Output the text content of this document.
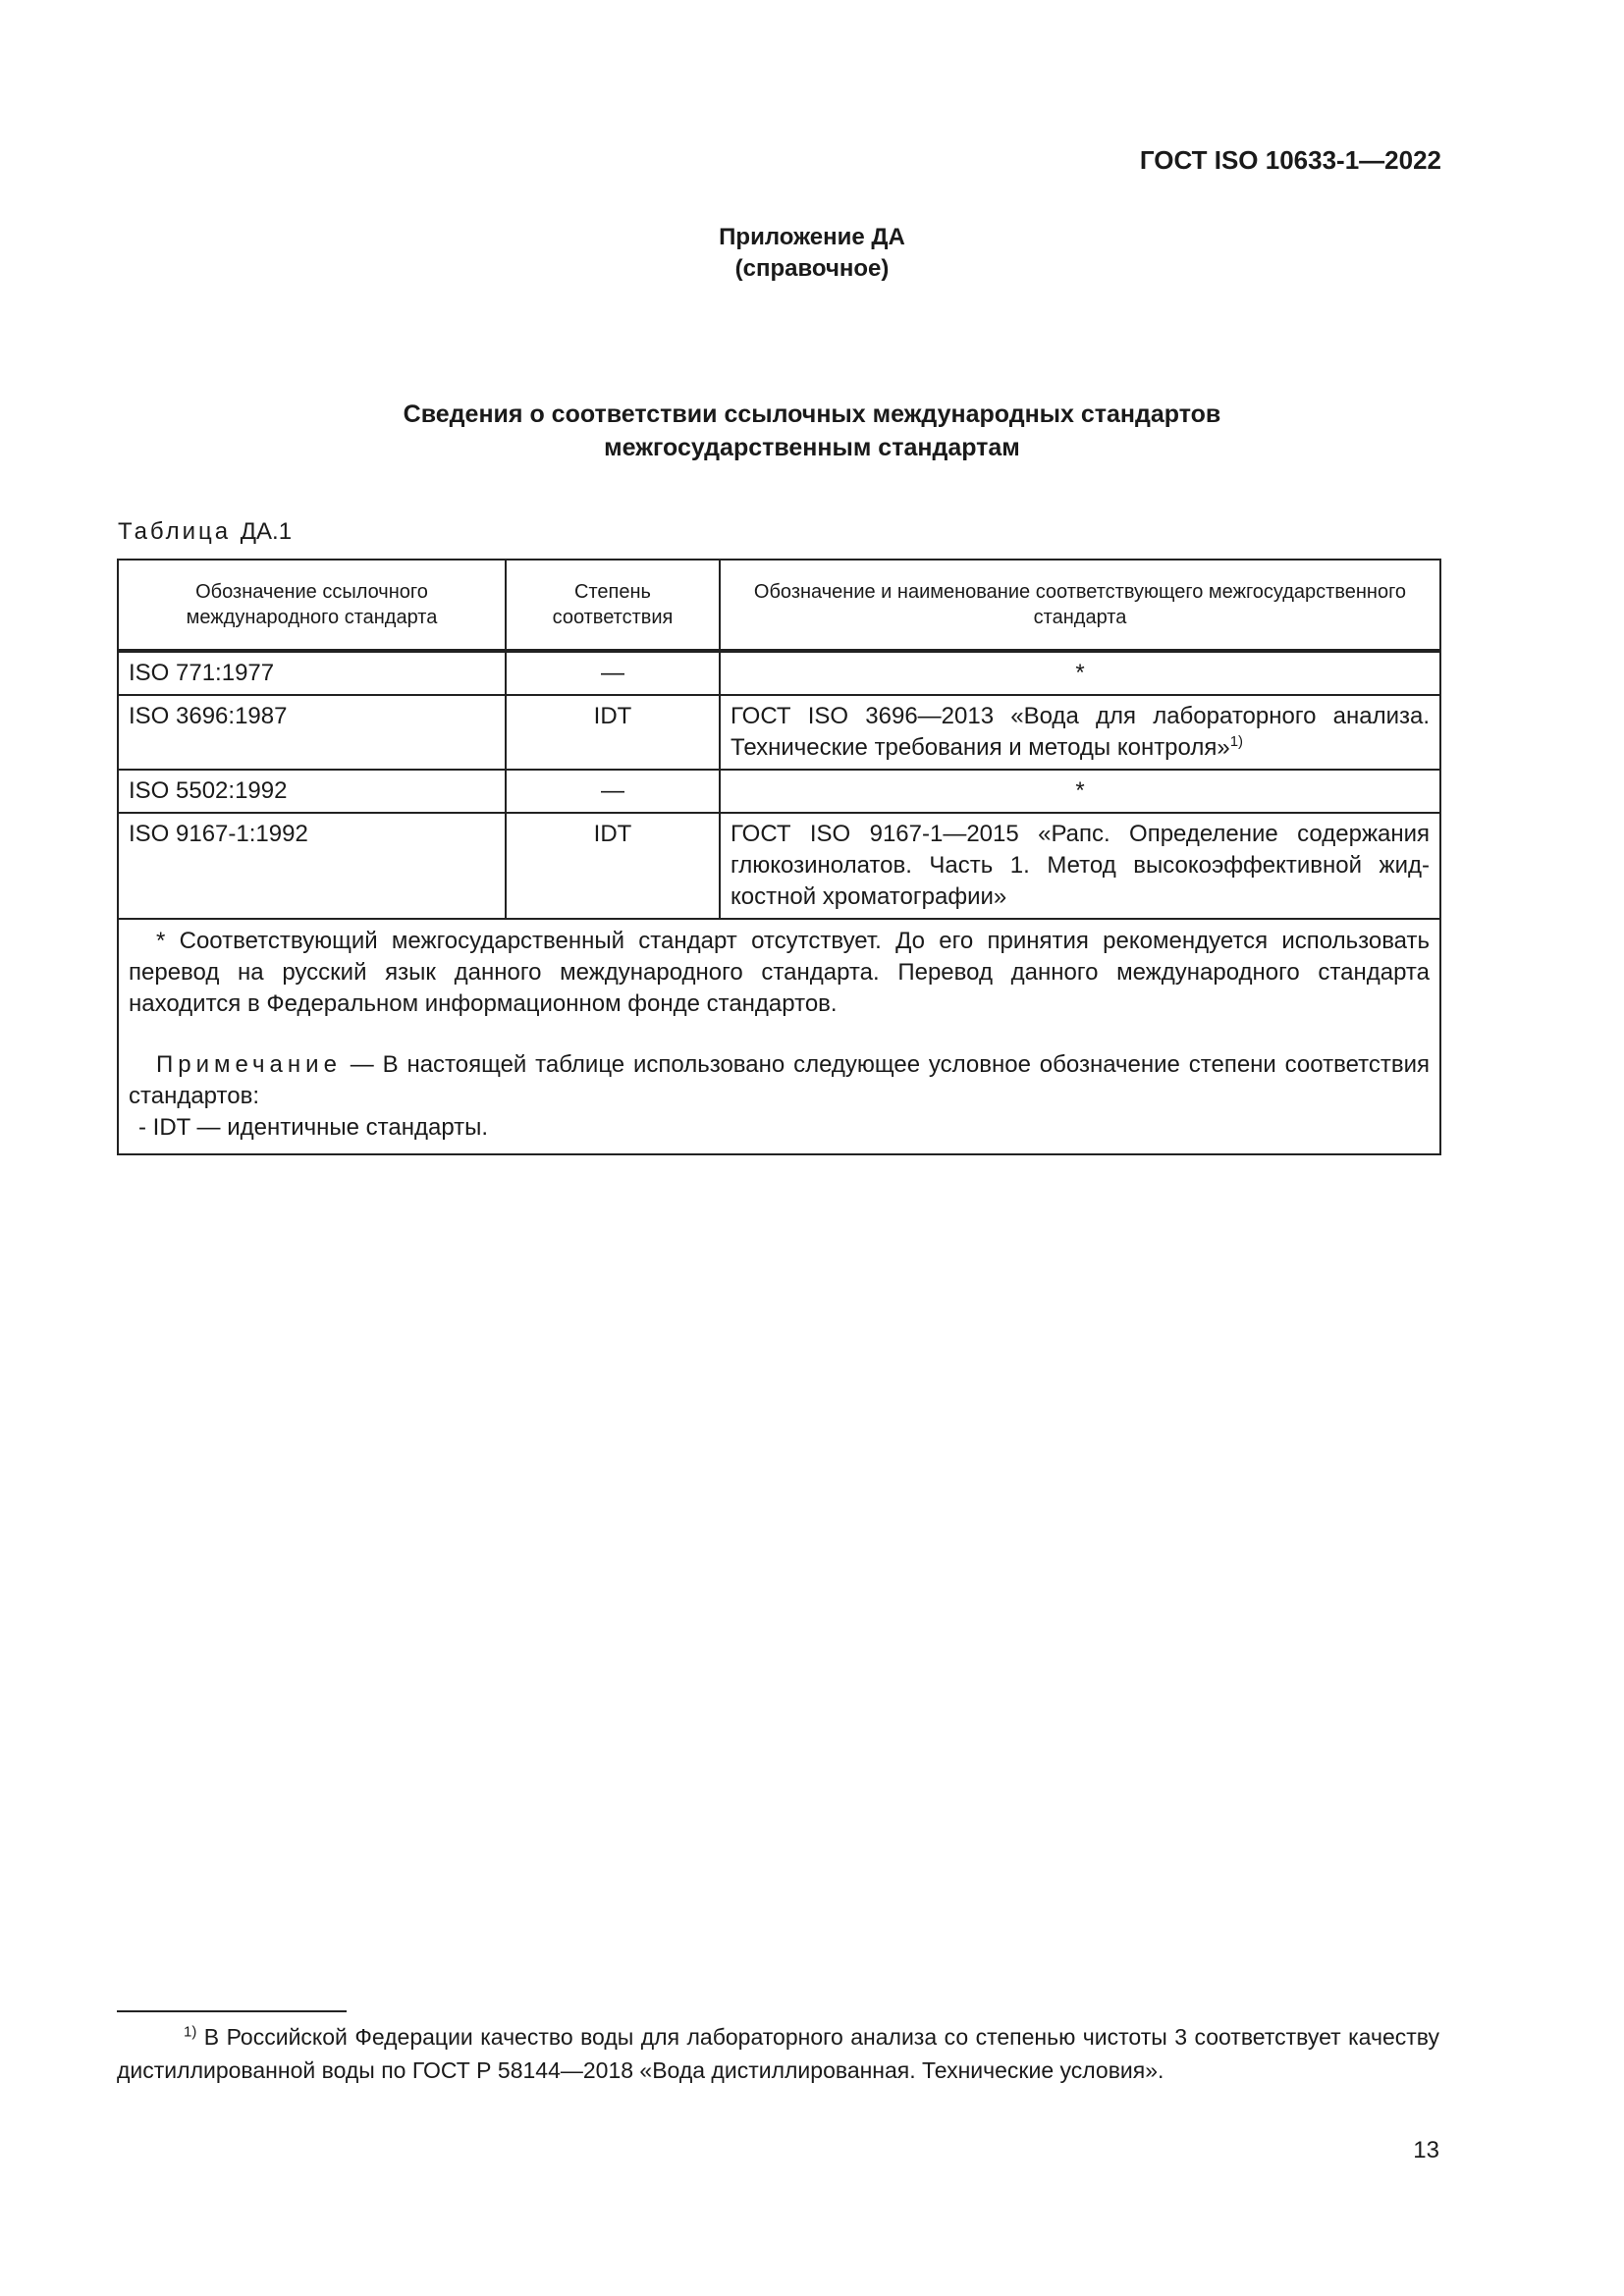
ГОСТ ISO 10633-1—2022
Приложение ДА
(справочное)
Сведения о соответствии ссылочных международных стандартов
межгосударственным стандартам
Таблица ДА.1
Обозначение ссылочного международного стандарта	Степень соответствия	Обозначение и наименование соответствующего межгосударственного стандарта
ISO 771:1977	—	*
ISO 3696:1987	IDT	ГОСТ ISO 3696—2013 «Вода для лабораторного анализа. Технические требования и методы контроля»$^{1)}$
ISO 5502:1992	—	*
ISO 9167-1:1992	IDT	ГОСТ ISO 9167-1—2015 «Рапс. Определение содержания глюкозинолатов. Часть 1. Метод высокоэффективной жидкостной хроматографии»

* Соответствующий межгосударственный стандарт отсутствует. До его принятия рекомендуется использовать перевод на русский язык данного международного стандарта. Перевод данного международного стандарта находится в Федеральном информационном фонде стандартов.

Примечание — В настоящей таблице использовано следующее условное обозначение степени соответствия стандартов:

- IDT — идентичные стандарты.		

$^{1)}$ В Российской Федерации качество воды для лабораторного анализа со степенью чистоты 3 соответствует качеству дистиллированной воды по ГОСТ Р 58144—2018 «Вода дистиллированная. Технические условия».
13
